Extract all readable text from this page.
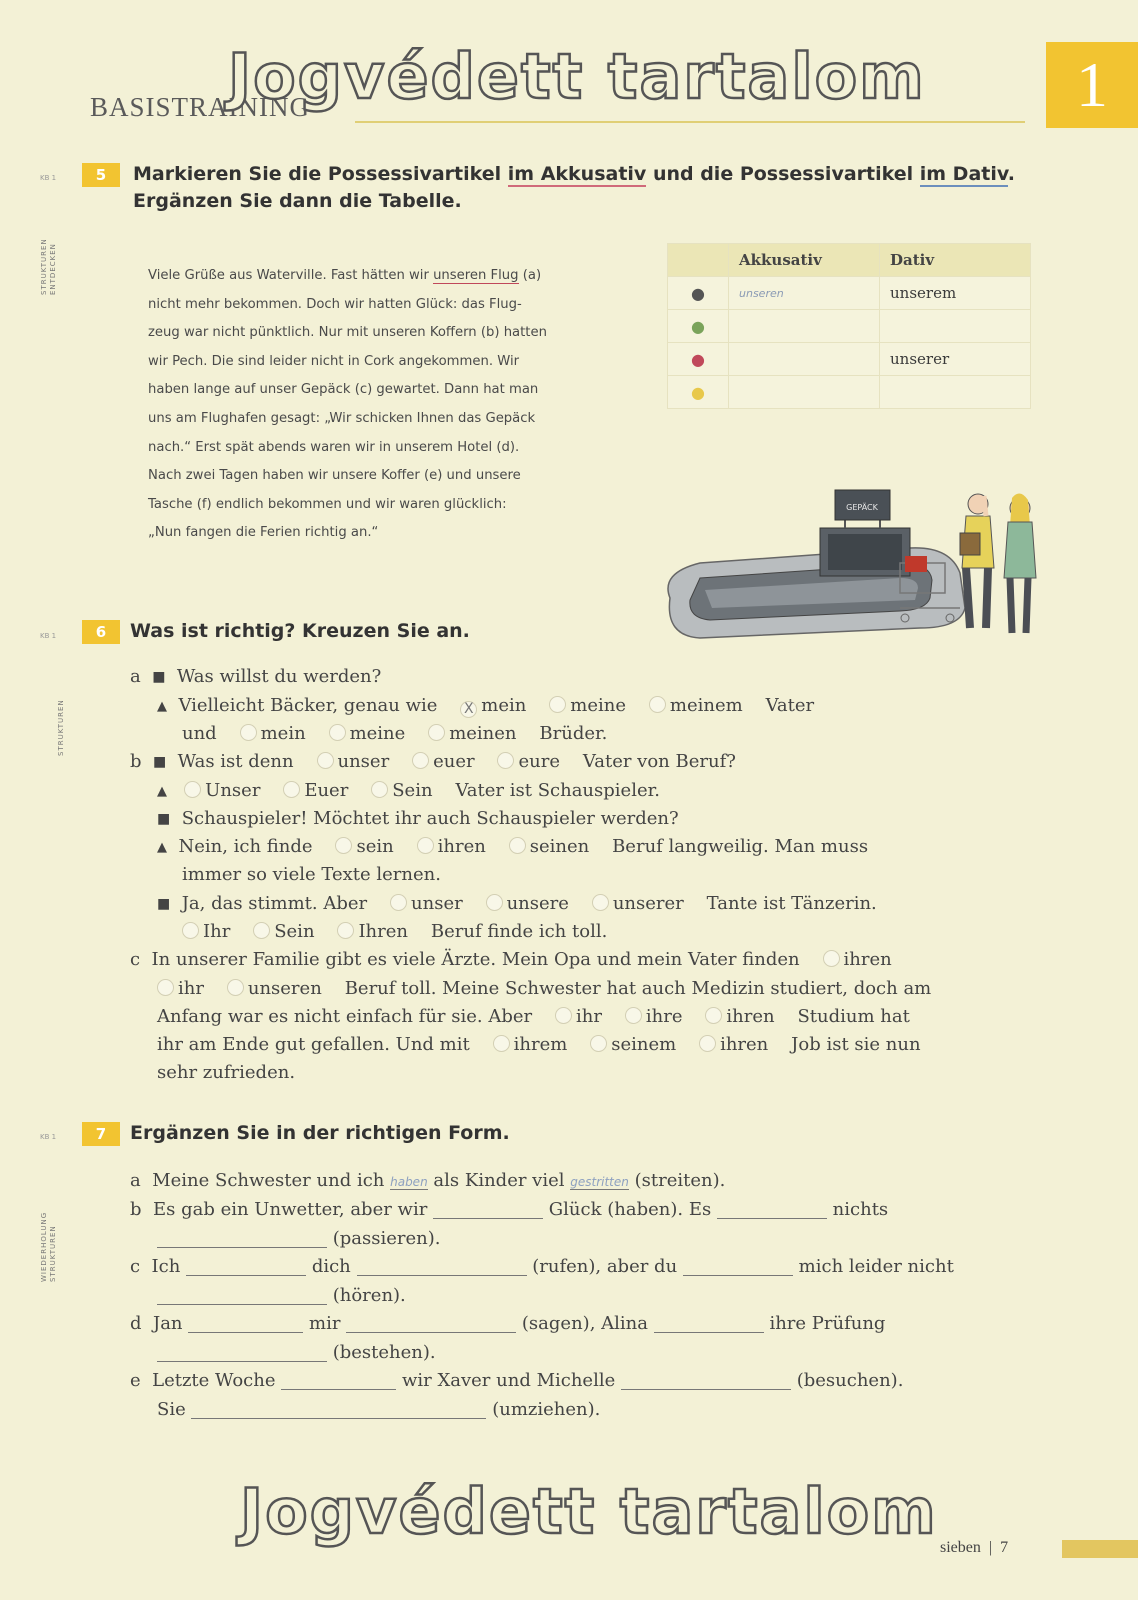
BASISTRAINING	1
Jogvédett tartalom
KB 1	5	Markieren Sie die Possessivartikel im Akkusativ und die Possessivartikel im Dativ.
Ergänzen Sie dann die Tabelle.
STRUKTUREN
ENTDECKEN	Viele Grüße aus Waterville. Fast hätten wir unseren Flug (a)
nicht mehr bekommen. Doch wir hatten Glück: das Flug-
zeug war nicht pünktlich. Nur mit unseren Koffern (b) hatten
wir Pech. Die sind leider nicht in Cork angekommen. Wir
haben lange auf unser Gepäck (c) gewartet. Dann hat man
uns am Flughafen gesagt: „Wir schicken Ihnen das Gepäck
nach.“ Erst spät abends waren wir in unserem Hotel (d).
Nach zwei Tagen haben wir unsere Koffer (e) und unsere
Tasche (f) endlich bekommen und wir waren glücklich:
„Nun fangen die Ferien richtig an.“
	Akkusativ	Dativ
●	unseren	unserem
●		
●		unserer
●		
GEPÄCK
KB 1	6	Was ist richtig? Kreuzen Sie an.
STRUKTUREN
a ■ Was willst du werden?
▲ Vielleicht Bäcker, genau wie X mein meine meinem Vater
und mein meine meinen Brüder.
b ■ Was ist denn unser euer eure Vater von Beruf?
▲ Unser Euer Sein Vater ist Schauspieler.
■ Schauspieler! Möchtet ihr auch Schauspieler werden?
▲ Nein, ich finde sein ihren seinen Beruf langweilig. Man muss
immer so viele Texte lernen.
■ Ja, das stimmt. Aber unser unsere unserer Tante ist Tänzerin.
Ihr Sein Ihren Beruf finde ich toll.
c In unserer Familie gibt es viele Ärzte. Mein Opa und mein Vater finden ihren
ihr unseren Beruf toll. Meine Schwester hat auch Medizin studiert, doch am
Anfang war es nicht einfach für sie. Aber ihr ihre ihren Studium hat
ihr am Ende gut gefallen. Und mit ihrem seinem ihren Job ist sie nun
sehr zufrieden.
KB 1	7	Ergänzen Sie in der richtigen Form.
WIEDERHOLUNG
STRUKTUREN
a Meine Schwester und ich haben als Kinder viel gestritten (streiten).
b Es gab ein Unwetter, aber wir	Glück (haben). Es	nichts
(passieren).
c Ich	dich	(rufen), aber du	mich leider nicht
(hören).
d Jan	mir	(sagen), Alina	ihre Prüfung
(bestehen).
e Letzte Woche	wir Xaver und Michelle	(besuchen).
Sie	(umziehen).
Jogvédett tartalom sieben | 7
